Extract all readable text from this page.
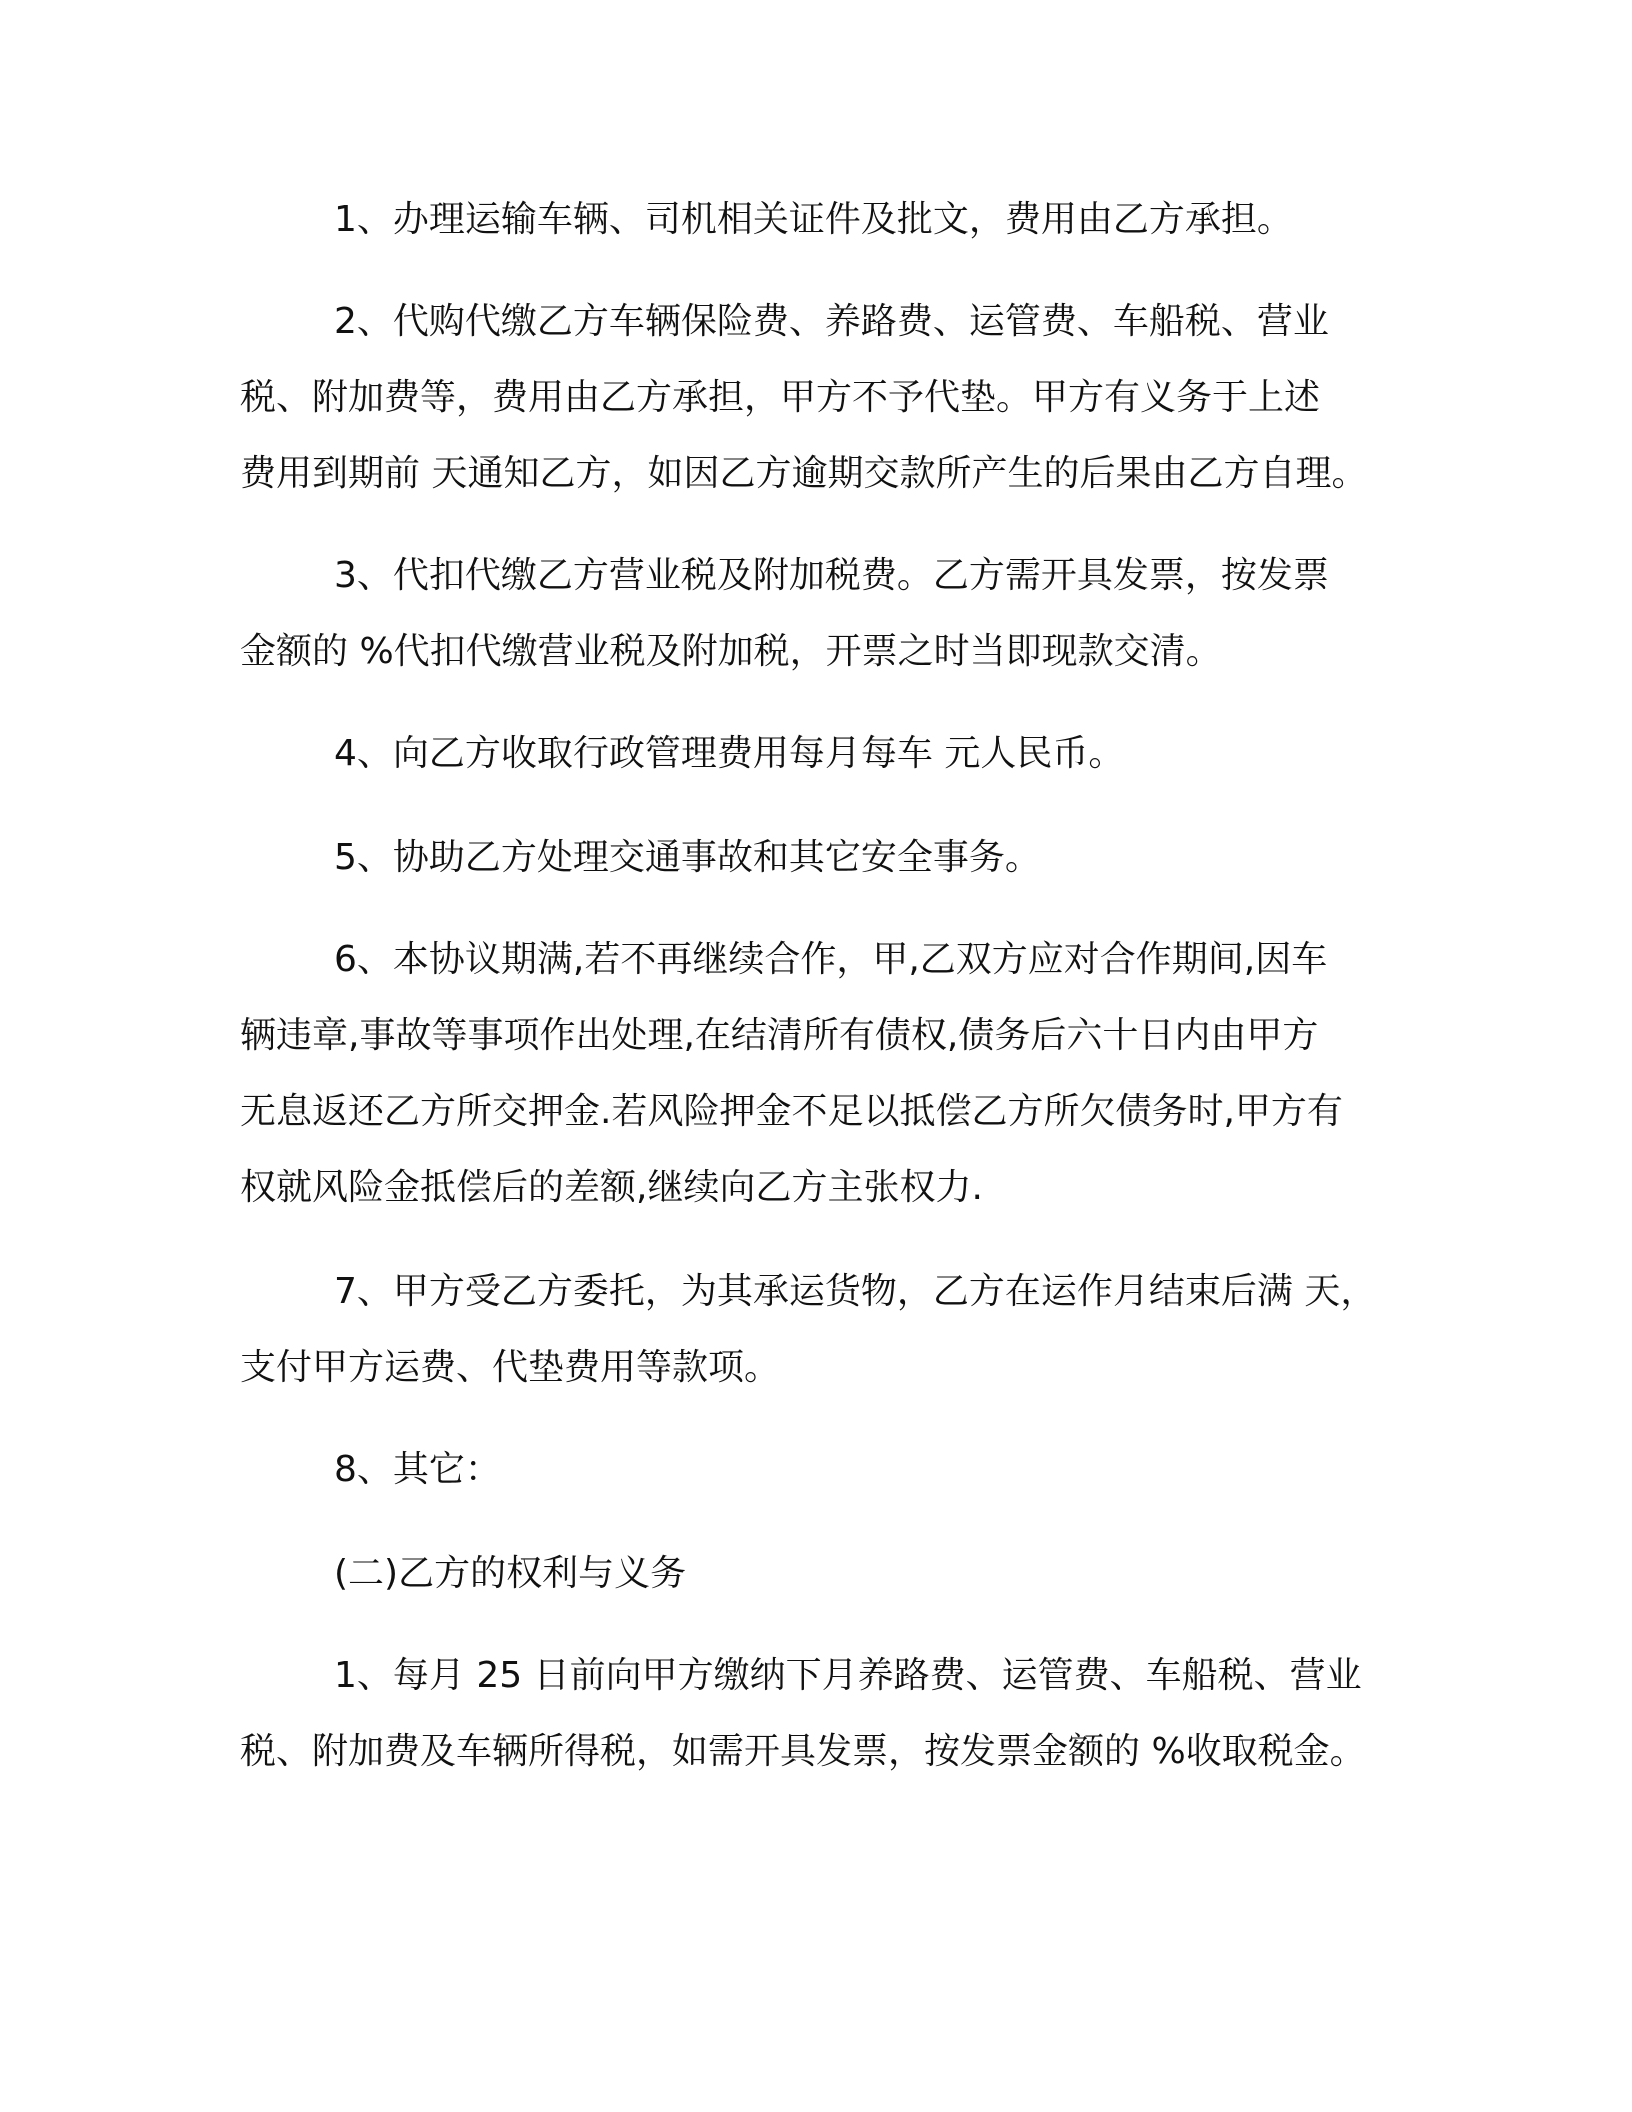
1、办理运输车辆、司机相关证件及批文，费用由乙方承担。
2、代购代缴乙方车辆保险费、养路费、运管费、车船税、营业
税、附加费等，费用由乙方承担，甲方不予代垫。甲方有义务于上述
费用到期前 天通知乙方，如因乙方逾期交款所产生的后果由乙方自理。
3、代扣代缴乙方营业税及附加税费。乙方需开具发票，按发票
金额的 %代扣代缴营业税及附加税，开票之时当即现款交清。
4、向乙方收取行政管理费用每月每车 元人民币。
5、协助乙方处理交通事故和其它安全事务。
6、本协议期满,若不再继续合作，甲,乙双方应对合作期间,因车
辆违章,事故等事项作出处理,在结清所有债权,债务后六十日内由甲方
无息返还乙方所交押金.若风险押金不足以抵偿乙方所欠债务时,甲方有
权就风险金抵偿后的差额,继续向乙方主张权力.
7、甲方受乙方委托，为其承运货物，乙方在运作月结束后满 天，
支付甲方运费、代垫费用等款项。
8、其它：
(二)乙方的权利与义务
1、每月 25 日前向甲方缴纳下月养路费、运管费、车船税、营业
税、附加费及车辆所得税，如需开具发票，按发票金额的 %收取税金。
